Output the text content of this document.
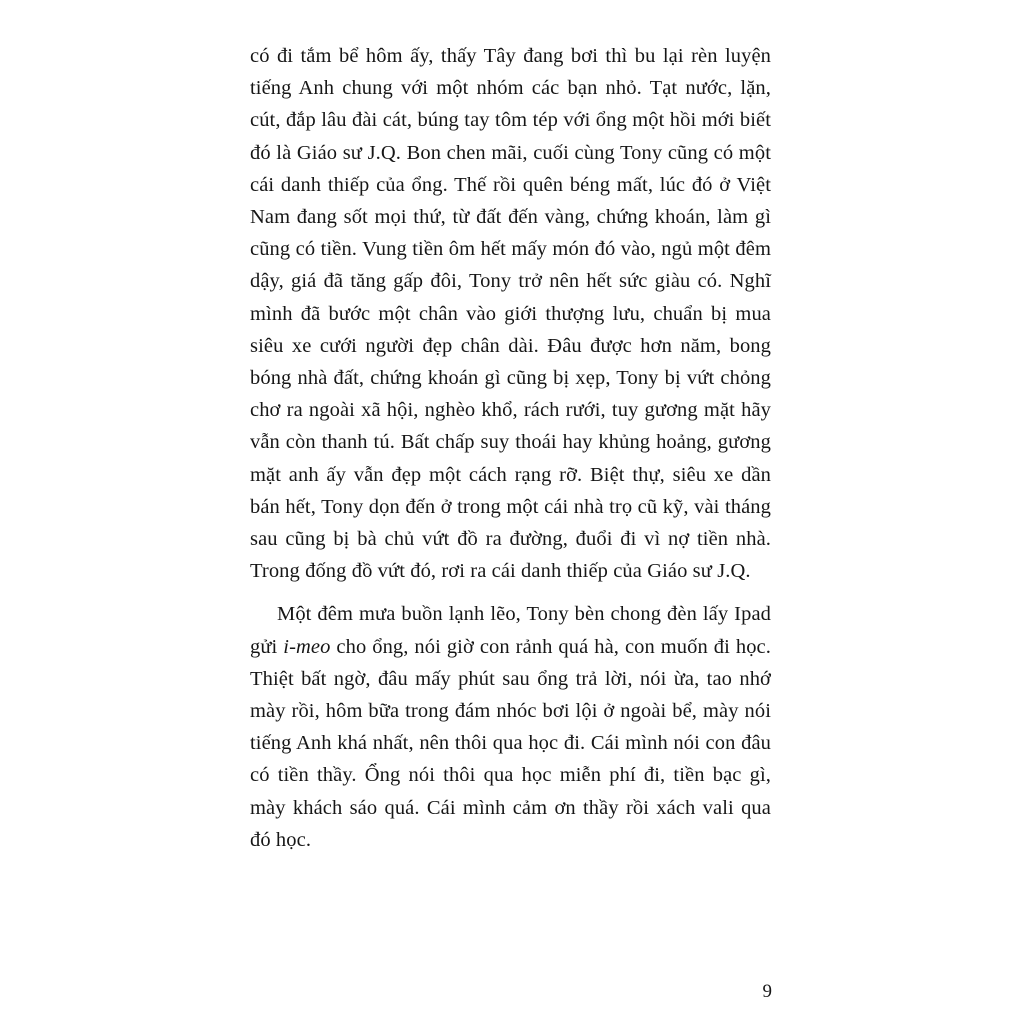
có đi tắm bể hôm ấy, thấy Tây đang bơi thì bu lại rèn luyện tiếng Anh chung với một nhóm các bạn nhỏ. Tạt nước, lặn, cút, đắp lâu đài cát, búng tay tôm tép với ổng một hồi mới biết đó là Giáo sư J.Q. Bon chen mãi, cuối cùng Tony cũng có một cái danh thiếp của ổng. Thế rồi quên béng mất, lúc đó ở Việt Nam đang sốt mọi thứ, từ đất đến vàng, chứng khoán, làm gì cũng có tiền. Vung tiền ôm hết mấy món đó vào, ngủ một đêm dậy, giá đã tăng gấp đôi, Tony trở nên hết sức giàu có. Nghĩ mình đã bước một chân vào giới thượng lưu, chuẩn bị mua siêu xe cưới người đẹp chân dài. Đâu được hơn năm, bong bóng nhà đất, chứng khoán gì cũng bị xẹp, Tony bị vứt chỏng chơ ra ngoài xã hội, nghèo khổ, rách rưới, tuy gương mặt hãy vẫn còn thanh tú. Bất chấp suy thoái hay khủng hoảng, gương mặt anh ấy vẫn đẹp một cách rạng rỡ. Biệt thự, siêu xe dần bán hết, Tony dọn đến ở trong một cái nhà trọ cũ kỹ, vài tháng sau cũng bị bà chủ vứt đồ ra đường, đuổi đi vì nợ tiền nhà. Trong đống đồ vứt đó, rơi ra cái danh thiếp của Giáo sư J.Q.

Một đêm mưa buồn lạnh lẽo, Tony bèn chong đèn lấy Ipad gửi i-meo cho ổng, nói giờ con rảnh quá hà, con muốn đi học. Thiệt bất ngờ, đâu mấy phút sau ổng trả lời, nói ừa, tao nhớ mày rồi, hôm bữa trong đám nhóc bơi lội ở ngoài bể, mày nói tiếng Anh khá nhất, nên thôi qua học đi. Cái mình nói con đâu có tiền thầy. Ổng nói thôi qua học miễn phí đi, tiền bạc gì, mày khách sáo quá. Cái mình cảm ơn thầy rồi xách vali qua đó học.

9
